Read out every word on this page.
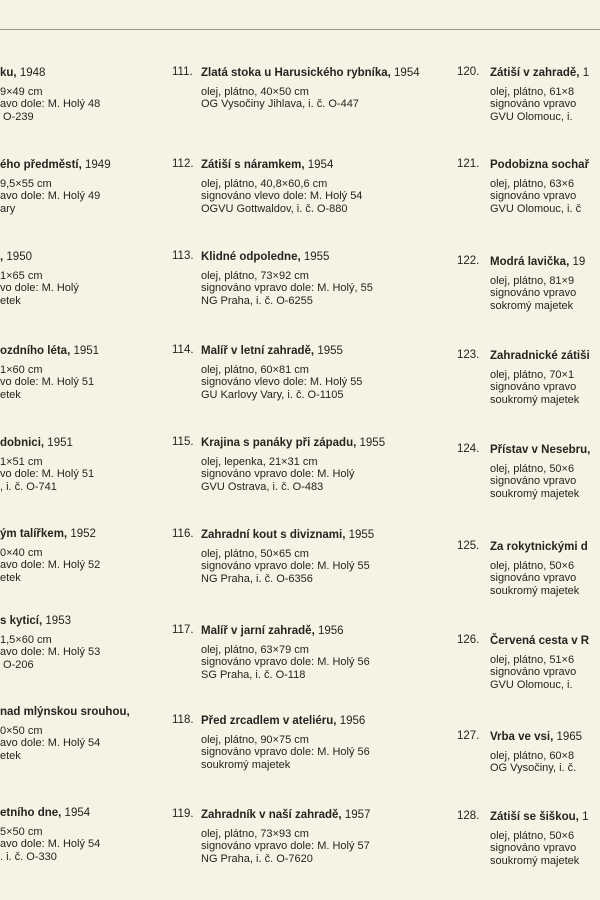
ku, 1948
9×49 cm
avo dole: M. Holý 48
O-239
ého předměstí, 1949
9,5×55 cm
avo dole: M. Holý 49
ary
, 1950
1×65 cm
vo dole: M. Holý
etek
ozdního léta, 1951
1×60 cm
vo dole: M. Holý 51
etek
dobnici, 1951
1×51 cm
vo dole: M. Holý 51
, i. č. O-741
ým talířkem, 1952
0×40 cm
avo dole: M. Holý 52
etek
s kyticí, 1953
1,5×60 cm
avo dole: M. Holý 53
O-206
nad mlýnskou srouhou,
0×50 cm
avo dole: M. Holý 54
etek
etního dne, 1954
5×50 cm
avo dole: M. Holý 54
. i. č. O-330
111. Zlatá stoka u Harusického rybníka, 1954
olej, plátno, 40×50 cm
OG Vysočiny Jihlava, i. č. O-447
112. Zátiší s náramkem, 1954
olej, plátno, 40,8×60,6 cm
signováno vlevo dole: M. Holý 54
OGVU Gottwaldov, i. č. O-880
113. Klidné odpoledne, 1955
olej, plátno, 73×92 cm
signováno vpravo dole: M. Holý, 55
NG Praha, i. č. O-6255
114. Malíř v letní zahradě, 1955
olej, plátno, 60×81 cm
signováno vlevo dole: M. Holý 55
GU Karlovy Vary, i. č. O-1105
115. Krajina s panáky při západu, 1955
olej, lepenka, 21×31 cm
signováno vpravo dole: M. Holý
GVU Ostrava, i. č. O-483
116. Zahradní kout s diviznami, 1955
olej, plátno, 50×65 cm
signováno vpravo dole: M. Holý 55
NG Praha, i. č. O-6356
117. Malíř v jarní zahradě, 1956
olej, plátno, 63×79 cm
signováno vpravo dole: M. Holý 56
SG Praha, i. č. O-118
118. Před zrcadlem v ateliéru, 1956
olej, plátno, 90×75 cm
signováno vpravo dole: M. Holý 56
soukromý majetek
119. Zahradník v naší zahradě, 1957
olej, plátno, 73×93 cm
signováno vpravo dole: M. Holý 57
NG Praha, i. č. O-7620
120. Zátiší v zahradě, 1
olej, plátno, 61×8
signováno vpravo
GVU Olomouc, i.
121. Podobizna sochař
olej, plátno, 63×6
signováno vpravo
GVU Olomouc, i. č
122. Modrá lavička, 19
olej, plátno, 81×9
signováno vpravo
sokromý majetek
123. Zahradnické zátiši
olej, plátno, 70×1
signováno vpravo
soukromý majetek
124. Přístav v Nesebru,
olej, plátno, 50×6
signováno vpravo
soukromý majetek
125. Za rokytnickými d
olej, plátno, 50×6
signováno vpravo
soukromý majetek
126. Červená cesta v R
olej, plátno, 51×6
signováno vpravo
GVU Olomouc, i.
127. Vrba ve vsi, 1965
olej, plátno, 60×8
OG Vysočiny, i. č.
128. Zátiší se šiškou, 1
olej, plátno, 50×6
signováno vpravo
soukromý majetek
